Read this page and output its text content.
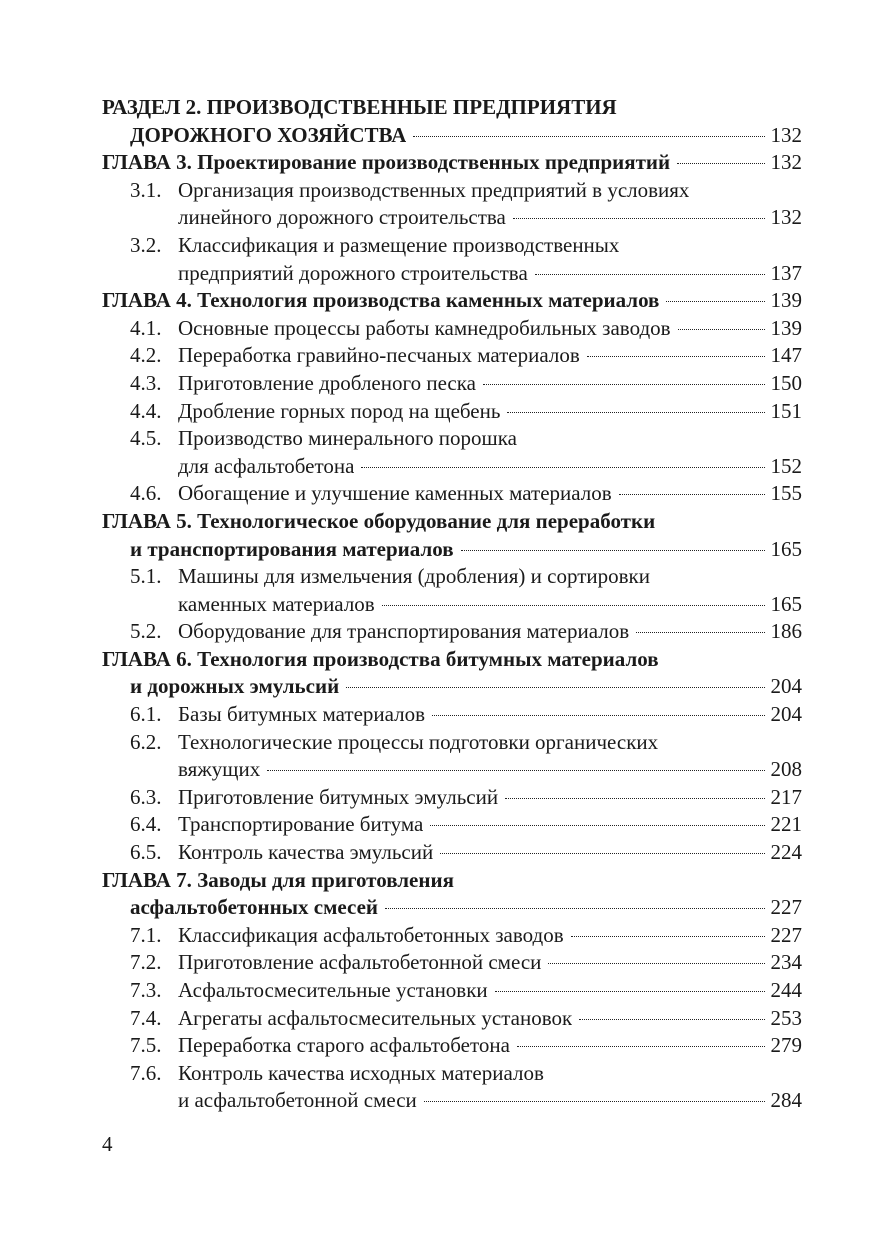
РАЗДЕЛ 2. ПРОИЗВОДСТВЕННЫЕ ПРЕДПРИЯТИЯ
ДОРОЖНОГО ХОЗЯЙСТВА	132
ГЛАВА 3. Проектирование производственных предприятий	132
3.1. Организация производственных предприятий в условиях
линейного дорожного строительства	132
3.2. Классификация и размещение производственных
предприятий дорожного строительства	137
ГЛАВА 4. Технология производства каменных материалов	139
4.1. Основные процессы работы камнедробильных заводов	139
4.2. Переработка гравийно-песчаных материалов	147
4.3. Приготовление дробленого песка	150
4.4. Дробление горных пород на щебень	151
4.5. Производство минерального порошка
для асфальтобетона	152
4.6. Обогащение и улучшение каменных материалов	155
ГЛАВА 5. Технологическое оборудование для переработки
и транспортирования материалов	165
5.1. Машины для измельчения (дробления) и сортировки
каменных материалов	165
5.2. Оборудование для транспортирования материалов	186
ГЛАВА 6. Технология производства битумных материалов
и дорожных эмульсий	204
6.1. Базы битумных материалов	204
6.2. Технологические процессы подготовки органических
вяжущих	208
6.3. Приготовление битумных эмульсий	217
6.4. Транспортирование битума	221
6.5. Контроль качества эмульсий	224
ГЛАВА 7. Заводы для приготовления
асфальтобетонных смесей	227
7.1. Классификация асфальтобетонных заводов	227
7.2. Приготовление асфальтобетонной смеси	234
7.3. Асфальтосмесительные установки	244
7.4. Агрегаты асфальтосмесительных установок	253
7.5. Переработка старого асфальтобетона	279
7.6. Контроль качества исходных материалов
и асфальтобетонной смеси	284
4
